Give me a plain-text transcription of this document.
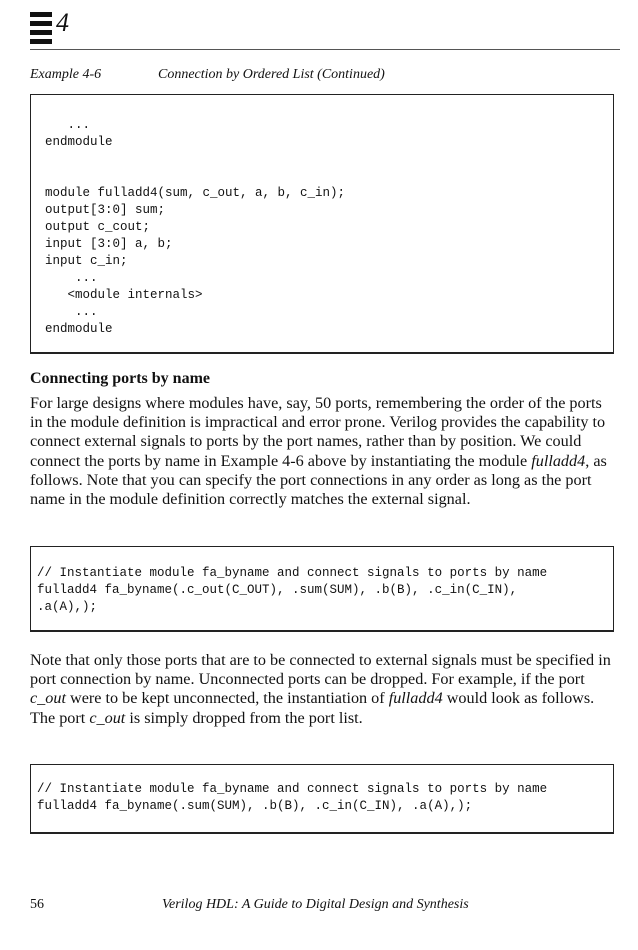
4
Example 4-6	Connection by Ordered List (Continued)
...
endmodule

module fulladd4(sum, c_out, a, b, c_in);
output[3:0] sum;
output c_cout;
input [3:0] a, b;
input c_in;
...
<module internals>
...
endmodule
Connecting ports by name

For large designs where modules have, say, 50 ports, remembering the order of the ports in the module definition is impractical and error prone. Verilog provides the capability to connect external signals to ports by the port names, rather than by position. We could connect the ports by name in Example 4-6 above by instantiating the module fulladd4, as follows. Note that you can specify the port connections in any order as long as the port name in the module definition correctly matches the external signal.

// Instantiate module fa_byname and connect signals to ports by name
fulladd4 fa_byname(.c_out(C_OUT), .sum(SUM), .b(B), .c_in(C_IN),
.a(A),);

Note that only those ports that are to be connected to external signals must be specified in port connection by name. Unconnected ports can be dropped. For example, if the port c_out were to be kept unconnected, the instantiation of fulladd4 would look as follows. The port c_out is simply dropped from the port list.

// Instantiate module fa_byname and connect signals to ports by name
fulladd4 fa_byname(.sum(SUM), .b(B), .c_in(C_IN), .a(A),);
56	Verilog HDL: A Guide to Digital Design and Synthesis
